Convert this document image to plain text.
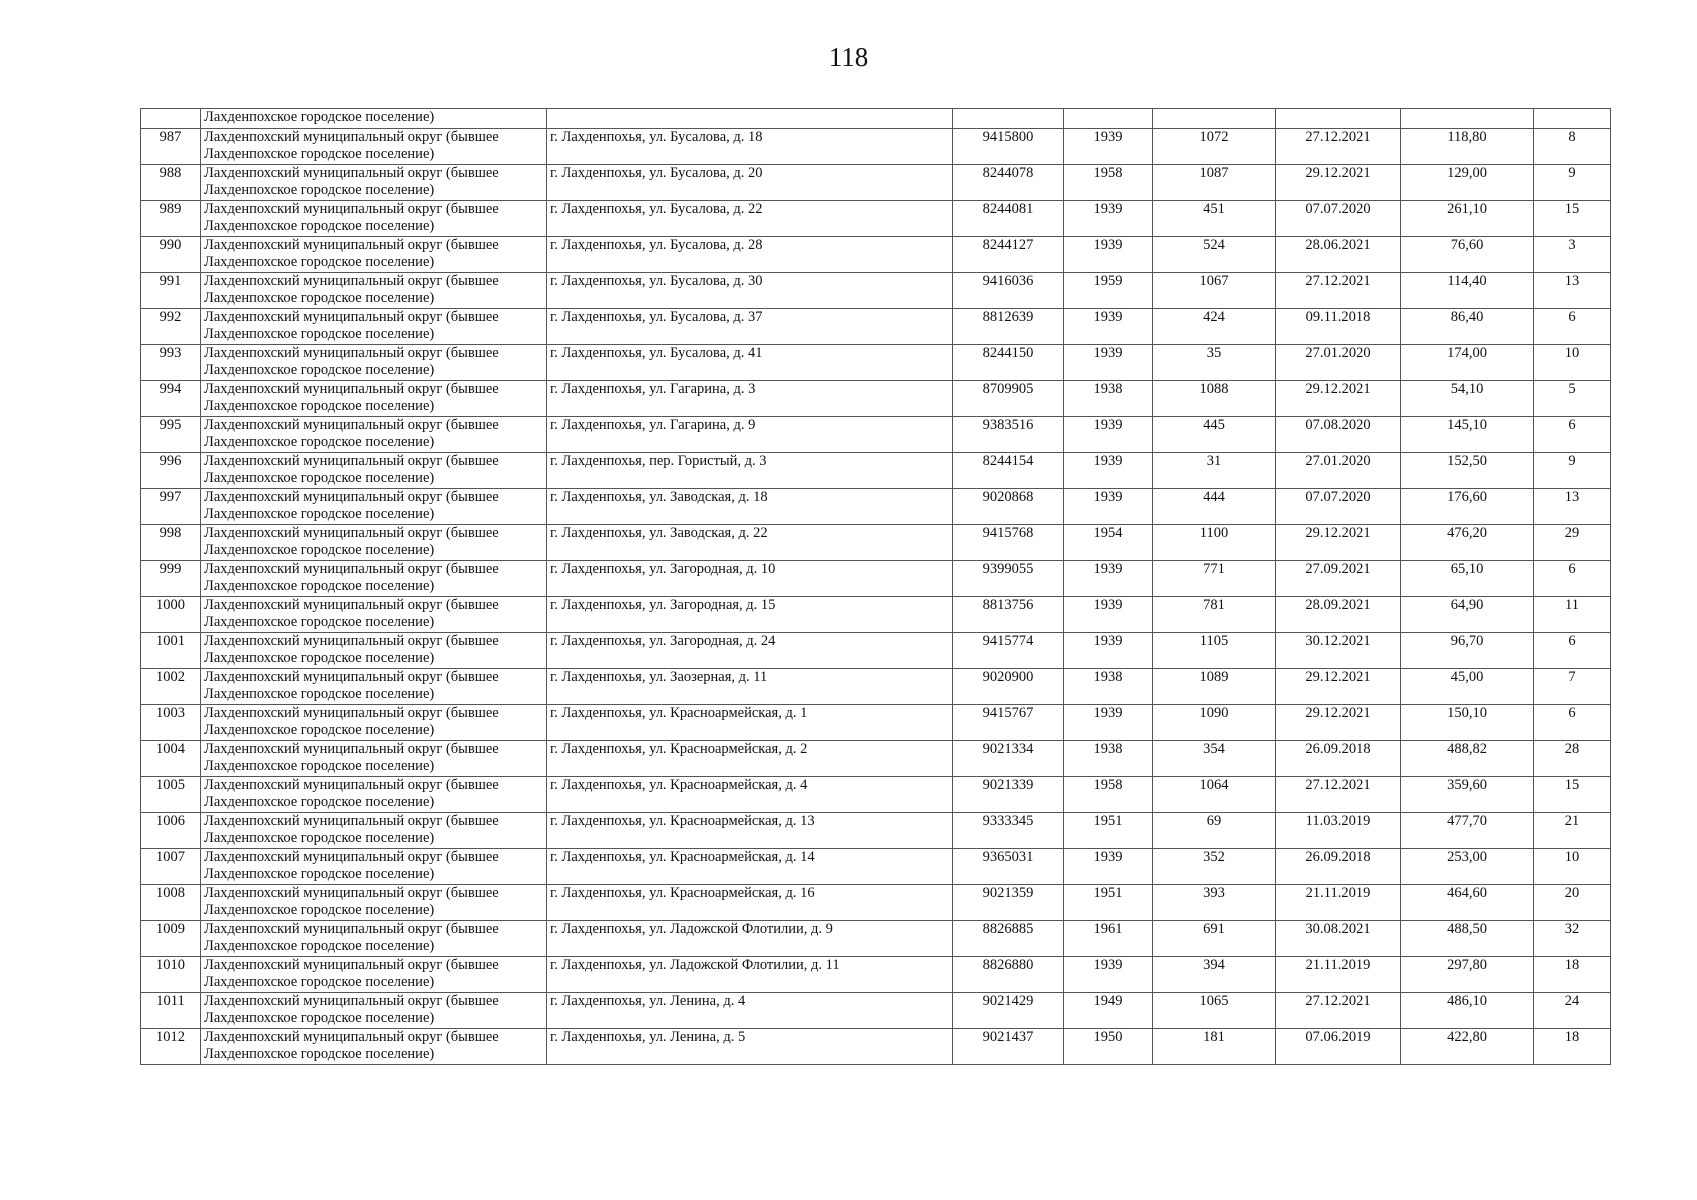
118
	Лахденпохское городское поселение)							
987	Лахденпохский муниципальный округ (бывшее
Лахденпохское городское поселение)	г. Лахденпохья, ул. Бусалова, д. 18	9415800	1939	1072	27.12.2021	118,80	8
988	Лахденпохский муниципальный округ (бывшее
Лахденпохское городское поселение)	г. Лахденпохья, ул. Бусалова, д. 20	8244078	1958	1087	29.12.2021	129,00	9
989	Лахденпохский муниципальный округ (бывшее
Лахденпохское городское поселение)	г. Лахденпохья, ул. Бусалова, д. 22	8244081	1939	451	07.07.2020	261,10	15
990	Лахденпохский муниципальный округ (бывшее
Лахденпохское городское поселение)	г. Лахденпохья, ул. Бусалова, д. 28	8244127	1939	524	28.06.2021	76,60	3
991	Лахденпохский муниципальный округ (бывшее
Лахденпохское городское поселение)	г. Лахденпохья, ул. Бусалова, д. 30	9416036	1959	1067	27.12.2021	114,40	13
992	Лахденпохский муниципальный округ (бывшее
Лахденпохское городское поселение)	г. Лахденпохья, ул. Бусалова, д. 37	8812639	1939	424	09.11.2018	86,40	6
993	Лахденпохский муниципальный округ (бывшее
Лахденпохское городское поселение)	г. Лахденпохья, ул. Бусалова, д. 41	8244150	1939	35	27.01.2020	174,00	10
994	Лахденпохский муниципальный округ (бывшее
Лахденпохское городское поселение)	г. Лахденпохья, ул. Гагарина, д. 3	8709905	1938	1088	29.12.2021	54,10	5
995	Лахденпохский муниципальный округ (бывшее
Лахденпохское городское поселение)	г. Лахденпохья, ул. Гагарина, д. 9	9383516	1939	445	07.08.2020	145,10	6
996	Лахденпохский муниципальный округ (бывшее
Лахденпохское городское поселение)	г. Лахденпохья, пер. Гористый, д. 3	8244154	1939	31	27.01.2020	152,50	9
997	Лахденпохский муниципальный округ (бывшее
Лахденпохское городское поселение)	г. Лахденпохья, ул. Заводская, д. 18	9020868	1939	444	07.07.2020	176,60	13
998	Лахденпохский муниципальный округ (бывшее
Лахденпохское городское поселение)	г. Лахденпохья, ул. Заводская, д. 22	9415768	1954	1100	29.12.2021	476,20	29
999	Лахденпохский муниципальный округ (бывшее
Лахденпохское городское поселение)	г. Лахденпохья, ул. Загородная, д. 10	9399055	1939	771	27.09.2021	65,10	6
1000	Лахденпохский муниципальный округ (бывшее
Лахденпохское городское поселение)	г. Лахденпохья, ул. Загородная, д. 15	8813756	1939	781	28.09.2021	64,90	11
1001	Лахденпохский муниципальный округ (бывшее
Лахденпохское городское поселение)	г. Лахденпохья, ул. Загородная, д. 24	9415774	1939	1105	30.12.2021	96,70	6
1002	Лахденпохский муниципальный округ (бывшее
Лахденпохское городское поселение)	г. Лахденпохья, ул. Заозерная, д. 11	9020900	1938	1089	29.12.2021	45,00	7
1003	Лахденпохский муниципальный округ (бывшее
Лахденпохское городское поселение)	г. Лахденпохья, ул. Красноармейская, д. 1	9415767	1939	1090	29.12.2021	150,10	6
1004	Лахденпохский муниципальный округ (бывшее
Лахденпохское городское поселение)	г. Лахденпохья, ул. Красноармейская, д. 2	9021334	1938	354	26.09.2018	488,82	28
1005	Лахденпохский муниципальный округ (бывшее
Лахденпохское городское поселение)	г. Лахденпохья, ул. Красноармейская, д. 4	9021339	1958	1064	27.12.2021	359,60	15
1006	Лахденпохский муниципальный округ (бывшее
Лахденпохское городское поселение)	г. Лахденпохья, ул. Красноармейская, д. 13	9333345	1951	69	11.03.2019	477,70	21
1007	Лахденпохский муниципальный округ (бывшее
Лахденпохское городское поселение)	г. Лахденпохья, ул. Красноармейская, д. 14	9365031	1939	352	26.09.2018	253,00	10
1008	Лахденпохский муниципальный округ (бывшее
Лахденпохское городское поселение)	г. Лахденпохья, ул. Красноармейская, д. 16	9021359	1951	393	21.11.2019	464,60	20
1009	Лахденпохский муниципальный округ (бывшее
Лахденпохское городское поселение)	г. Лахденпохья, ул. Ладожской Флотилии, д. 9	8826885	1961	691	30.08.2021	488,50	32
1010	Лахденпохский муниципальный округ (бывшее
Лахденпохское городское поселение)	г. Лахденпохья, ул. Ладожской Флотилии, д. 11	8826880	1939	394	21.11.2019	297,80	18
1011	Лахденпохский муниципальный округ (бывшее
Лахденпохское городское поселение)	г. Лахденпохья, ул. Ленина, д. 4	9021429	1949	1065	27.12.2021	486,10	24
1012	Лахденпохский муниципальный округ (бывшее
Лахденпохское городское поселение)	г. Лахденпохья, ул. Ленина, д. 5	9021437	1950	181	07.06.2019	422,80	18
